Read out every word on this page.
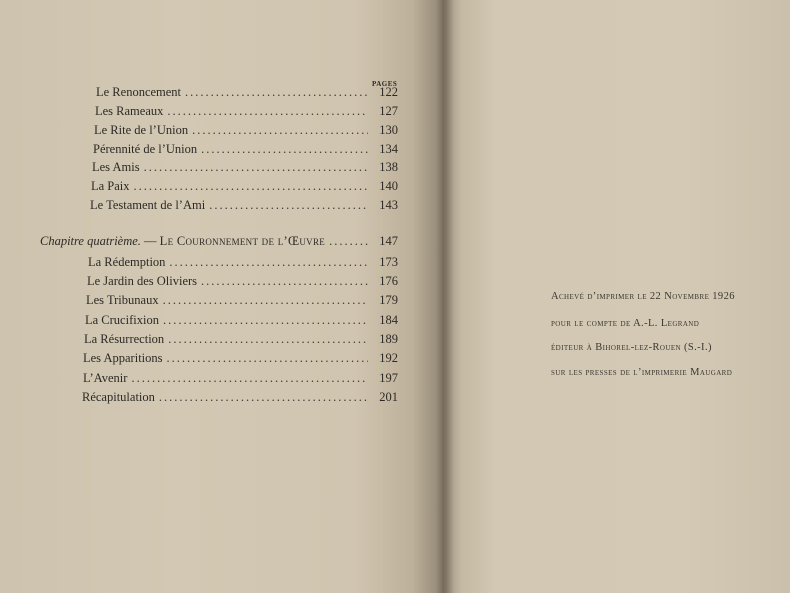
PAGES
Le Renoncement .....	122
Les Rameaux .....	127
Le Rite de l’Union .....	130
Pérennité de l’Union .....	134
Les Amis .....	138
La Paix .....	140
Le Testament de l’Ami .....	143
Chapitre quatrième. — Le Couronnement de l’Œuvre .....	147
La Rédemption .....	173
Le Jardin des Oliviers .....	176
Les Tribunaux .....	179
La Crucifixion .....	184
La Résurrection .....	189
Les Apparitions .....	192
L’Avenir .....	197
Récapitulation .....	201
Achevé d’imprimer le 22 Novembre 1926
pour le compte de A.-L. Legrand
éditeur à Bihorel-lez-Rouen (S.-I.)
sur les presses de l’imprimerie Maugard
